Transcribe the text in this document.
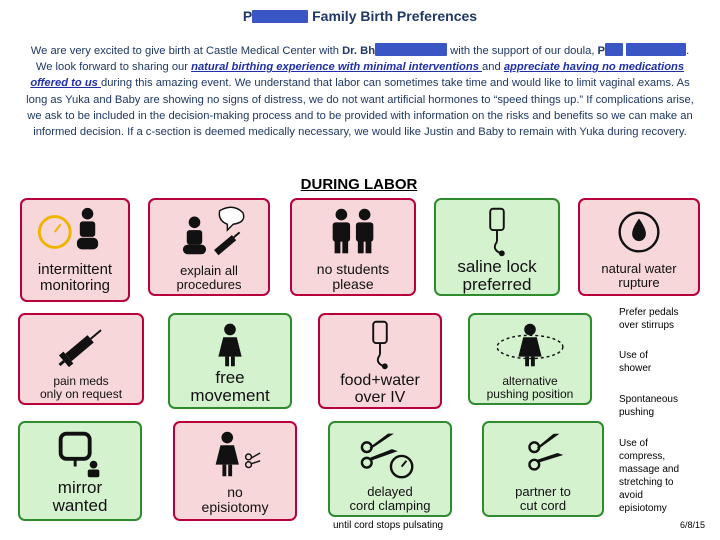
P	Family Birth Preferences
We are very excited to give birth at Castle Medical Center with Dr. Bh	with the support of our doula, P	. We look forward to sharing our natural birthing experience with minimal interventions and appreciate having no medications offered to us during this amazing event. We understand that labor can sometimes take time and would like to limit vaginal exams. As long as Yuka and Baby are showing no signs of distress, we do not want artificial hormones to “speed things up.” If complications arise, we ask to be included in the decision-making process and to be provided with information on the risks and benefits so we can make an informed decision. If a c-section is deemed medically necessary, we would like Justin and Baby to remain with Yuka during recovery.
DURING LABOR
intermittent
monitoring
explain all
procedures
no students
please
saline lock
preferred
natural water
rupture
pain meds
only on request
free
movement
food+water
over IV
alternative
pushing position
mirror
wanted
no
episiotomy
delayed
cord clamping
partner to
cut cord
Prefer pedals
over stirrups
Use of
shower
Spontaneous
pushing
Use of
compress,
massage and
stretching to
avoid
episiotomy
until cord stops pulsating	6/8/15
